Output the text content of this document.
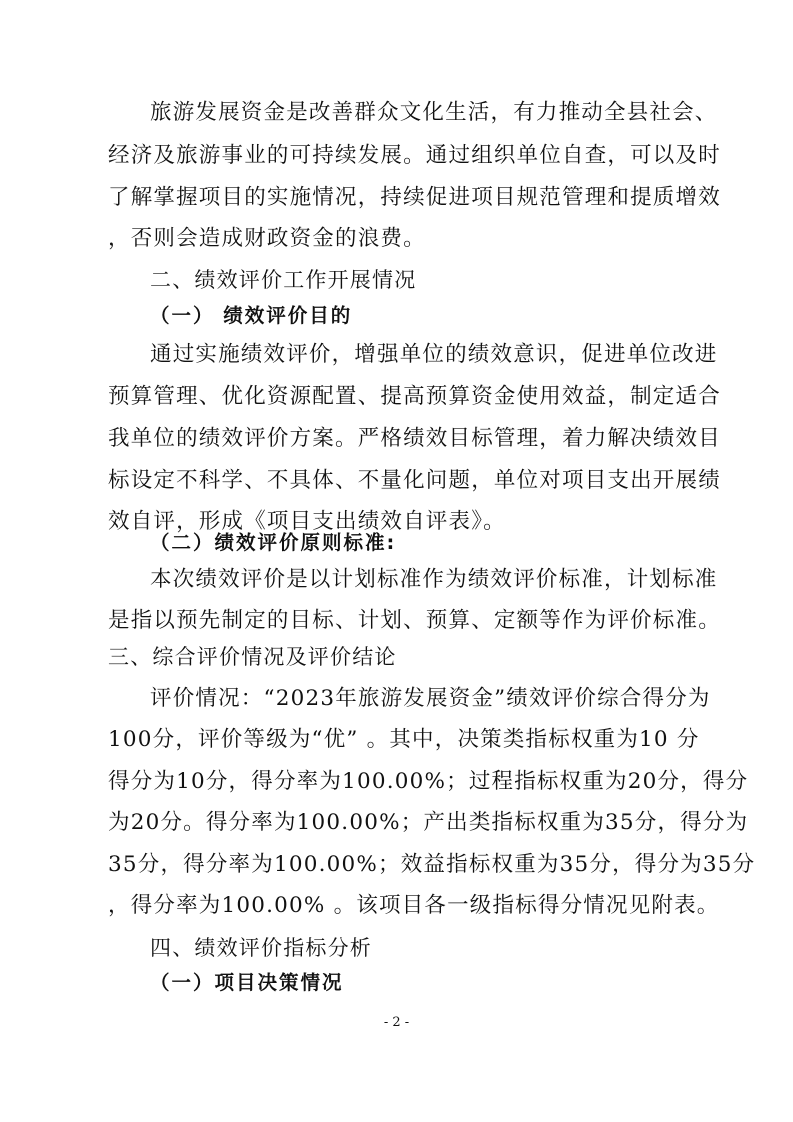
旅游发展资金是改善群众文化生活，有力推动全县社会、
经济及旅游事业的可持续发展。通过组织单位自查，可以及时
了解掌握项目的实施情况，持续促进项目规范管理和提质增效
，否则会造成财政资金的浪费。
二、绩效评价工作开展情况
（一） 绩效评价目的
通过实施绩效评价，增强单位的绩效意识，促进单位改进
预算管理、优化资源配置、提高预算资金使用效益，制定适合
我单位的绩效评价方案。严格绩效目标管理，着力解决绩效目
标设定不科学、不具体、不量化问题，单位对项目支出开展绩
效自评，形成《项目支出绩效自评表》。
（二）绩效评价原则标准:
本次绩效评价是以计划标准作为绩效评价标准，计划标准
是指以预先制定的目标、计划、预算、定额等作为评价标准。
三、综合评价情况及评价结论
评价情况：“2023年旅游发展资金”绩效评价综合得分为
100分，评价等级为“优” 。其中，决策类指标权重为10 分
得分为10分，得分率为100.00%；过程指标权重为20分，得分
为20分。得分率为100.00%；产出类指标权重为35分，得分为
35分，得分率为100.00%；效益指标权重为35分，得分为35分
，得分率为100.00% 。该项目各一级指标得分情况见附表。
四、绩效评价指标分析
（一）项目决策情况
- 2 -
